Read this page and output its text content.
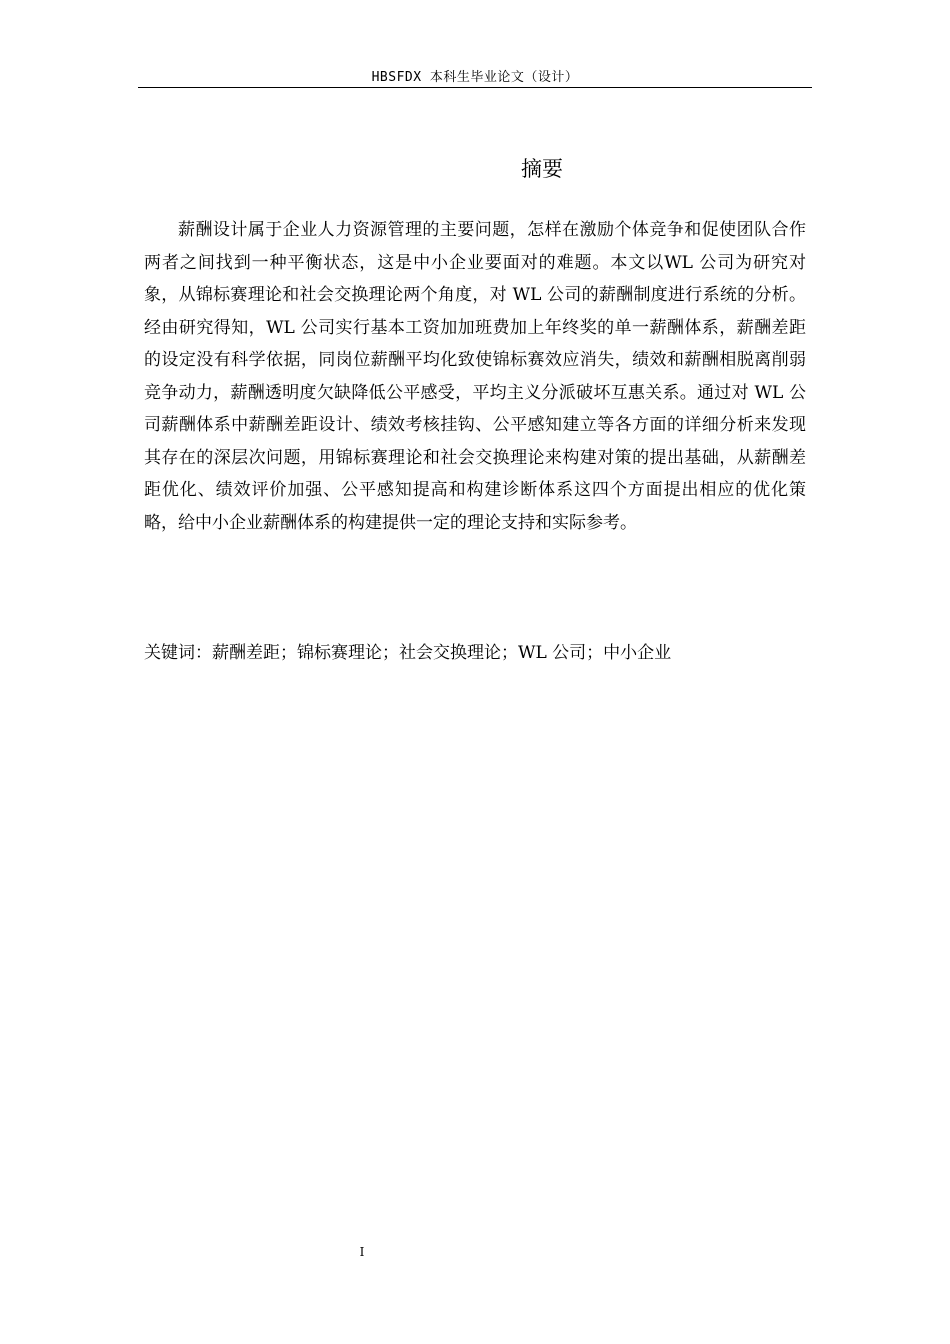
HBSFDX 本科生毕业论文（设计）
摘要

薪酬设计属于企业人力资源管理的主要问题，怎样在激励个体竞争和促使团队合作两者之间找到一种平衡状态，这是中小企业要面对的难题。本文以WL 公司为研究对象，从锦标赛理论和社会交换理论两个角度，对 WL 公司的薪酬制度进行系统的分析。经由研究得知，WL 公司实行基本工资加加班费加上年终奖的单一薪酬体系，薪酬差距的设定没有科学依据，同岗位薪酬平均化致使锦标赛效应消失，绩效和薪酬相脱离削弱竞争动力，薪酬透明度欠缺降低公平感受，平均主义分派破坏互惠关系。通过对 WL 公司薪酬体系中薪酬差距设计、绩效考核挂钩、公平感知建立等各方面的详细分析来发现其存在的深层次问题，用锦标赛理论和社会交换理论来构建对策的提出基础，从薪酬差距优化、绩效评价加强、公平感知提高和构建诊断体系这四个方面提出相应的优化策略，给中小企业薪酬体系的构建提供一定的理论支持和实际参考。

关键词：薪酬差距；锦标赛理论；社会交换理论；WL 公司；中小企业
I
